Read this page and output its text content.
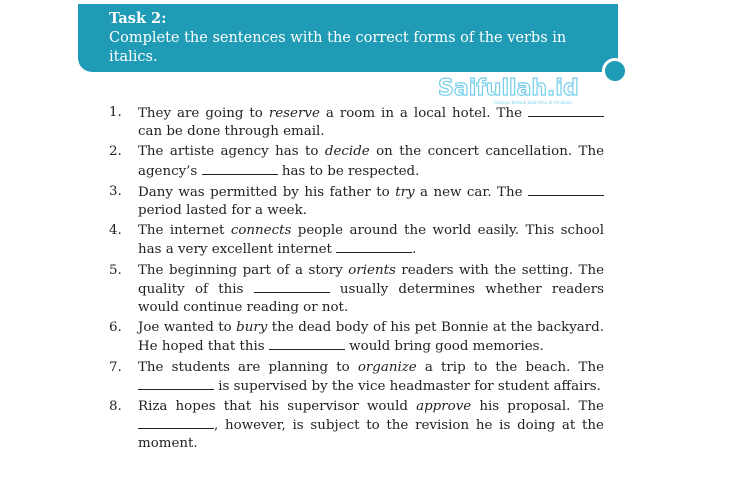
Task 2:
Complete the sentences with the correct forms of the verbs in italics.
Saifullah.id
Cahaya Terbaik Saat Ilmu di Amalkan
1.	They are going to reserve a room in a local hotel. The  can be done through email.
2.	The artiste agency has to decide on the concert cancellation. The agency’s	has to be respected.
3.	Dany was permitted by his father to try a new car. The  period lasted for a week.
4.	The internet connects people around the world easily. This school has a very excellent internet	.
5.	The beginning part of a story orients readers with the setting. The quality of this	usually determines whether readers would continue reading or not.
6.	Joe wanted to bury the dead body of his pet Bonnie at the backyard. He hoped that this	would bring good memories.
7.	The students are planning to organize a trip to the beach. The  is supervised by the vice headmaster for student affairs.
8.	Riza hopes that his supervisor would approve his proposal. The , however, is subject to the revision he is doing at the moment.
